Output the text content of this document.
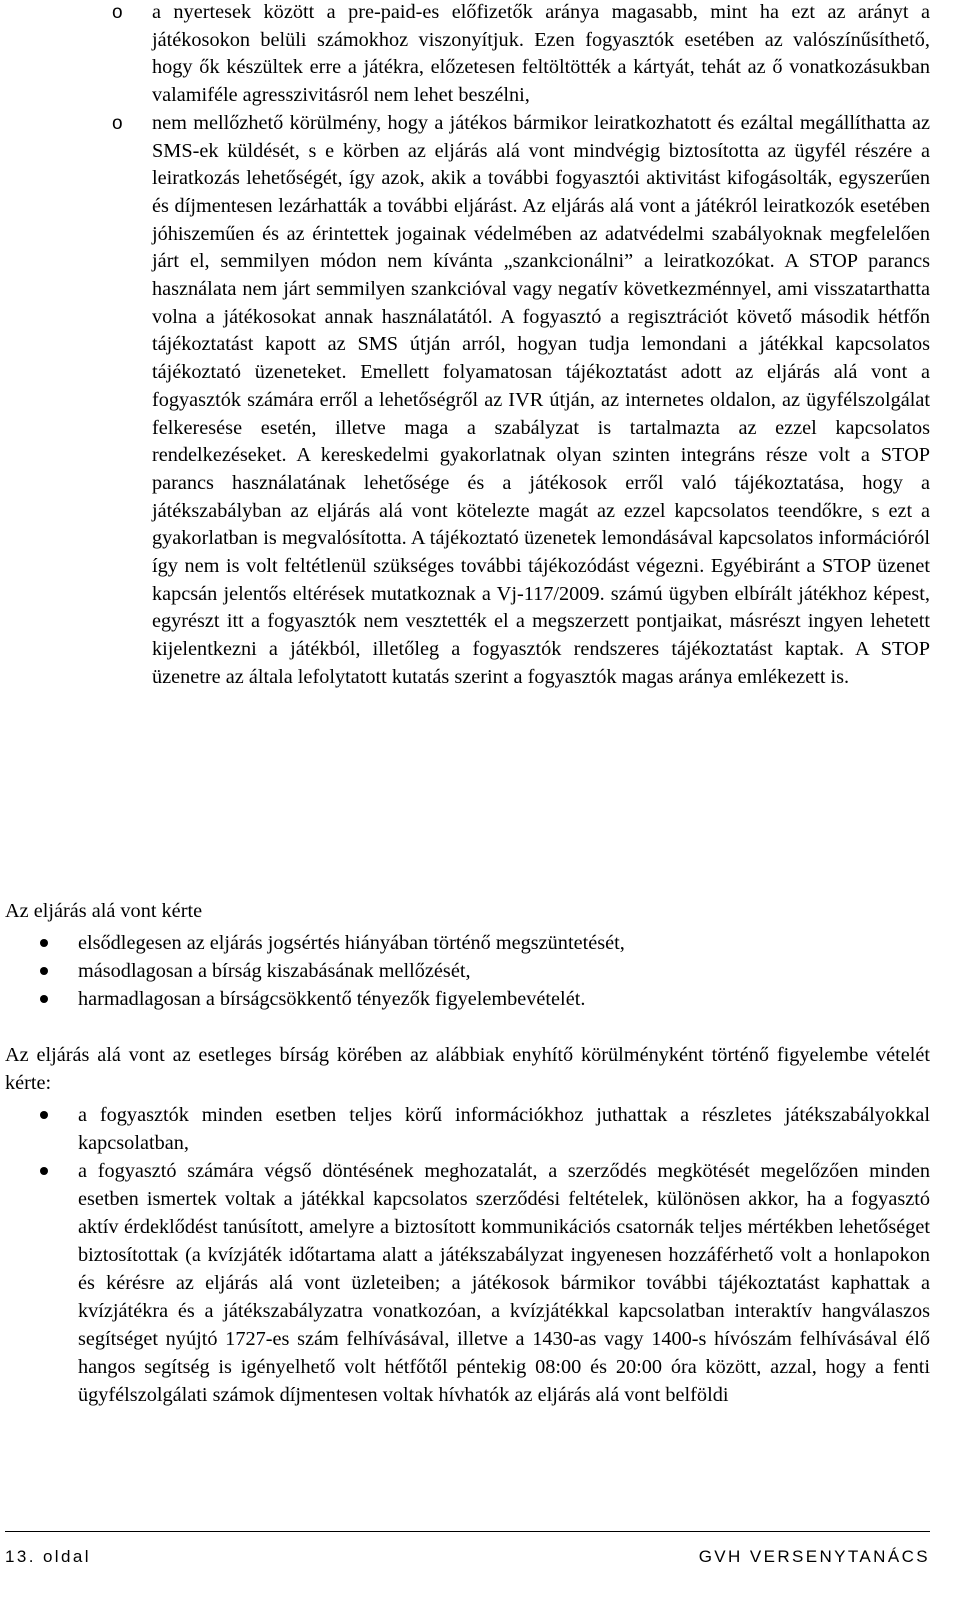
o a nyertesek között a pre-paid-es előfizetők aránya magasabb, mint ha ezt az arányt a játékosokon belüli számokhoz viszonyítjuk. Ezen fogyasztók esetében az valószínűsíthető, hogy ők készültek erre a játékra, előzetesen feltöltötték a kártyát, tehát az ő vonatkozásukban valamiféle agresszivitásról nem lehet beszélni,
o nem mellőzhető körülmény, hogy a játékos bármikor leiratkozhatott és ezáltal megállíthatta az SMS-ek küldését, s e körben az eljárás alá vont mindvégig biztosította az ügyfél részére a leiratkozás lehetőségét, így azok, akik a további fogyasztói aktivitást kifogásolták, egyszerűen és díjmentesen lezárhatták a további eljárást. Az eljárás alá vont a játékról leiratkozók esetében jóhiszeműen és az érintettek jogainak védelmében az adatvédelmi szabályoknak megfelelően járt el, semmilyen módon nem kívánta „szankcionálni” a leiratkozókat. A STOP parancs használata nem járt semmilyen szankcióval vagy negatív következménnyel, ami visszatarthatta volna a játékosokat annak használatától. A fogyasztó a regisztrációt követő második hétfőn tájékoztatást kapott az SMS útján arról, hogyan tudja lemondani a játékkal kapcsolatos tájékoztató üzeneteket. Emellett folyamatosan tájékoztatást adott az eljárás alá vont a fogyasztók számára erről a lehetőségről az IVR útján, az internetes oldalon, az ügyfélszolgálat felkeresése esetén, illetve maga a szabályzat is tartalmazta az ezzel kapcsolatos rendelkezéseket. A kereskedelmi gyakorlatnak olyan szinten integráns része volt a STOP parancs használatának lehetősége és a játékosok erről való tájékoztatása, hogy a játékszabályban az eljárás alá vont kötelezte magát az ezzel kapcsolatos teendőkre, s ezt a gyakorlatban is megvalósította. A tájékoztató üzenetek lemondásával kapcsolatos információról így nem is volt feltétlenül szükséges további tájékozódást végezni. Egyébiránt a STOP üzenet kapcsán jelentős eltérések mutatkoznak a Vj-117/2009. számú ügyben elbírált játékhoz képest, egyrészt itt a fogyasztók nem vesztették el a megszerzett pontjaikat, másrészt ingyen lehetett kijelentkezni a játékból, illetőleg a fogyasztók rendszeres tájékoztatást kaptak. A STOP üzenetre az általa lefolytatott kutatás szerint a fogyasztók magas aránya emlékezett is.

Az eljárás alá vont kérte

elsődlegesen az eljárás jogsértés hiányában történő megszüntetését,
másodlagosan a bírság kiszabásának mellőzését,
harmadlagosan a bírságcsökkentő tényezők figyelembevételét.

Az eljárás alá vont az esetleges bírság körében az alábbiak enyhítő körülményként történő figyelembe vételét kérte:

a fogyasztók minden esetben teljes körű információkhoz juthattak a részletes játékszabályokkal kapcsolatban,
a fogyasztó számára végső döntésének meghozatalát, a szerződés megkötését megelőzően minden esetben ismertek voltak a játékkal kapcsolatos szerződési feltételek, különösen akkor, ha a fogyasztó aktív érdeklődést tanúsított, amelyre a biztosított kommunikációs csatornák teljes mértékben lehetőséget biztosítottak (a kvízjáték időtartama alatt a játékszabályzat ingyenesen hozzáférhető volt a honlapokon és kérésre az eljárás alá vont üzleteiben; a játékosok bármikor további tájékoztatást kaphattak a kvízjátékra és a játékszabályzatra vonatkozóan, a kvízjátékkal kapcsolatban interaktív hangválaszos segítséget nyújtó 1727-es szám felhívásával, illetve a 1430-as vagy 1400-s hívószám felhívásával élő hangos segítség is igényelhető volt hétfőtől péntekig 08:00 és 20:00 óra között, azzal, hogy a fenti ügyfélszolgálati számok díjmentesen voltak hívhatók az eljárás alá vont belföldi
13. oldal	GVH VERSENYTANÁCS
